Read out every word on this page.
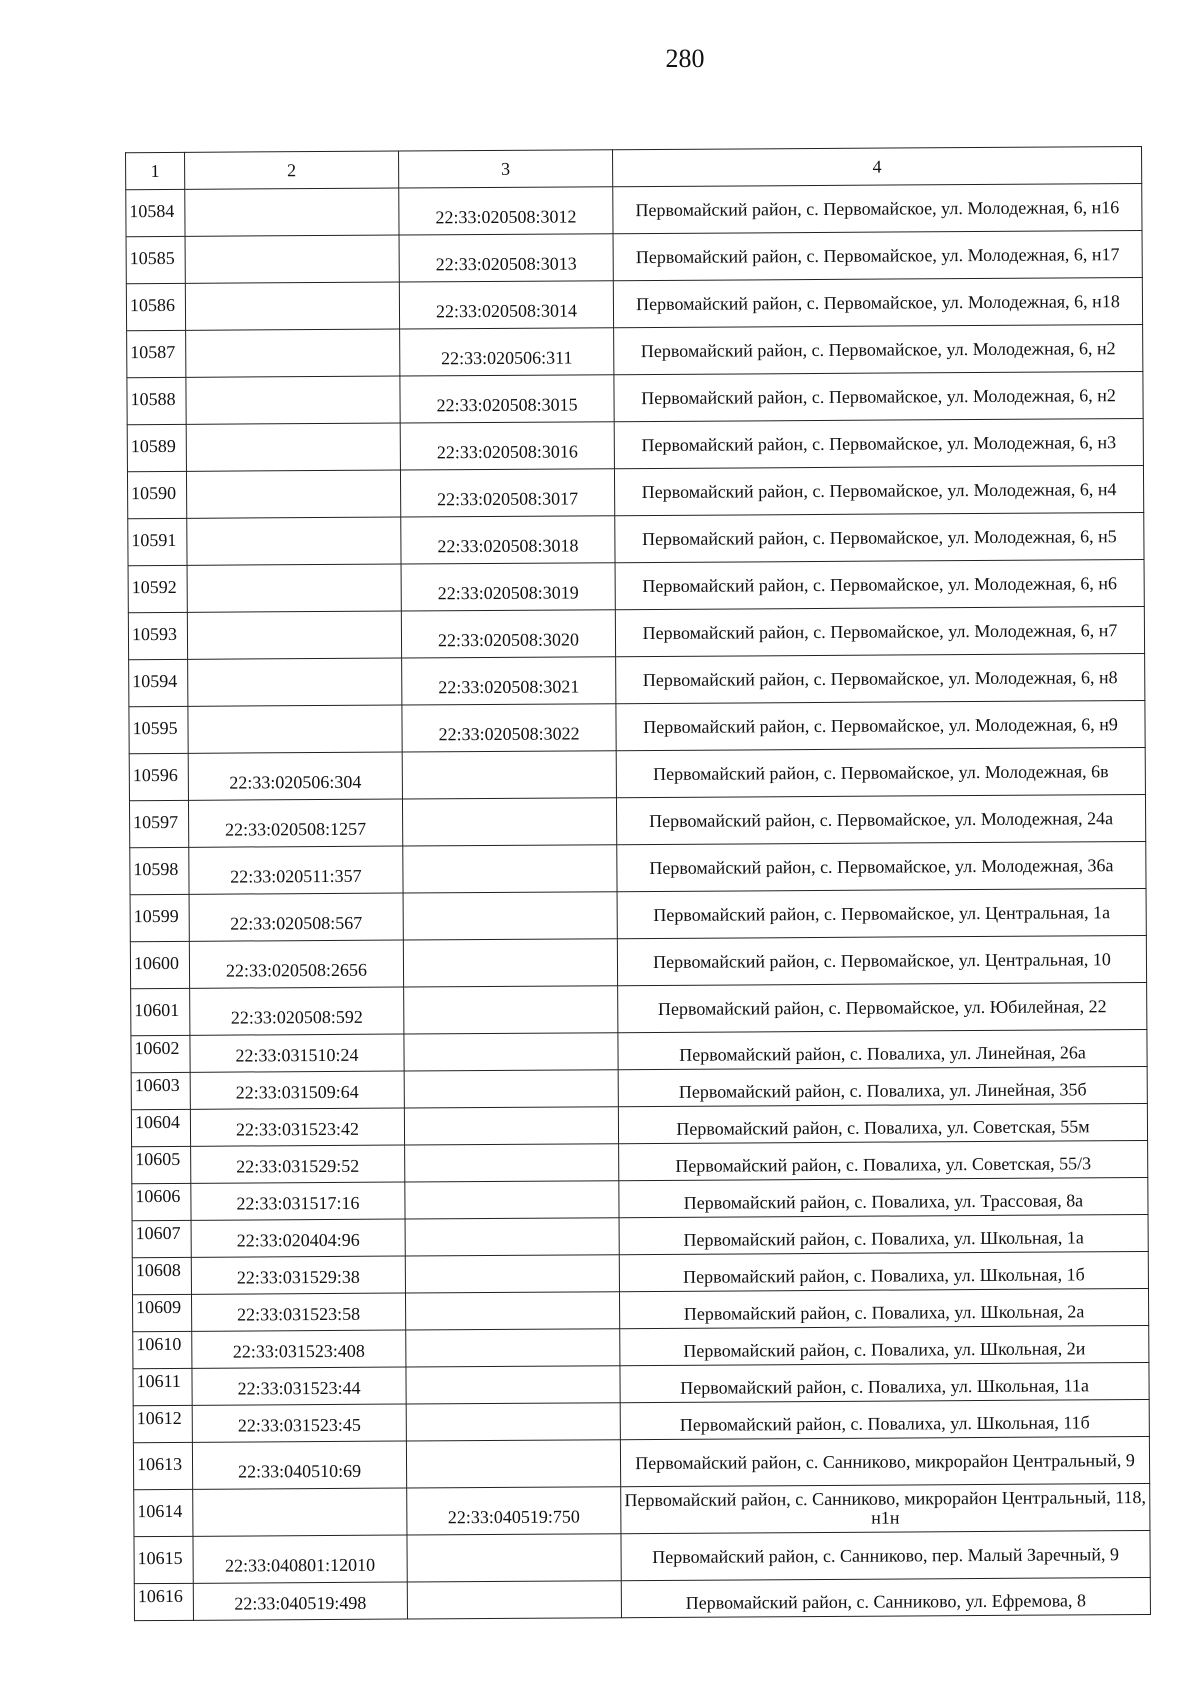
280
1	2	3	4
10584		22:33:020508:3012	Первомайский район, с. Первомайское, ул. Молодежная, 6, н16
10585		22:33:020508:3013	Первомайский район, с. Первомайское, ул. Молодежная, 6, н17
10586		22:33:020508:3014	Первомайский район, с. Первомайское, ул. Молодежная, 6, н18
10587		22:33:020506:311	Первомайский район, с. Первомайское, ул. Молодежная, 6, н2
10588		22:33:020508:3015	Первомайский район, с. Первомайское, ул. Молодежная, 6, н2
10589		22:33:020508:3016	Первомайский район, с. Первомайское, ул. Молодежная, 6, н3
10590		22:33:020508:3017	Первомайский район, с. Первомайское, ул. Молодежная, 6, н4
10591		22:33:020508:3018	Первомайский район, с. Первомайское, ул. Молодежная, 6, н5
10592		22:33:020508:3019	Первомайский район, с. Первомайское, ул. Молодежная, 6, н6
10593		22:33:020508:3020	Первомайский район, с. Первомайское, ул. Молодежная, 6, н7
10594		22:33:020508:3021	Первомайский район, с. Первомайское, ул. Молодежная, 6, н8
10595		22:33:020508:3022	Первомайский район, с. Первомайское, ул. Молодежная, 6, н9
10596	22:33:020506:304		Первомайский район, с. Первомайское, ул. Молодежная, 6в
10597	22:33:020508:1257		Первомайский район, с. Первомайское, ул. Молодежная, 24а
10598	22:33:020511:357		Первомайский район, с. Первомайское, ул. Молодежная, 36а
10599	22:33:020508:567		Первомайский район, с. Первомайское, ул. Центральная, 1а
10600	22:33:020508:2656		Первомайский район, с. Первомайское, ул. Центральная, 10
10601	22:33:020508:592		Первомайский район, с. Первомайское, ул. Юбилейная, 22
10602	22:33:031510:24		Первомайский район, с. Повалиха, ул. Линейная, 26а
10603	22:33:031509:64		Первомайский район, с. Повалиха, ул. Линейная, 35б
10604	22:33:031523:42		Первомайский район, с. Повалиха, ул. Советская, 55м
10605	22:33:031529:52		Первомайский район, с. Повалиха, ул. Советская, 55/3
10606	22:33:031517:16		Первомайский район, с. Повалиха, ул. Трассовая, 8а
10607	22:33:020404:96		Первомайский район, с. Повалиха, ул. Школьная, 1а
10608	22:33:031529:38		Первомайский район, с. Повалиха, ул. Школьная, 1б
10609	22:33:031523:58		Первомайский район, с. Повалиха, ул. Школьная, 2а
10610	22:33:031523:408		Первомайский район, с. Повалиха, ул. Школьная, 2и
10611	22:33:031523:44		Первомайский район, с. Повалиха, ул. Школьная, 11а
10612	22:33:031523:45		Первомайский район, с. Повалиха, ул. Школьная, 11б
10613	22:33:040510:69		Первомайский район, с. Санниково, микрорайон Центральный, 9
10614		22:33:040519:750	Первомайский район, с. Санниково, микрорайон Центральный, 118, н1н
10615	22:33:040801:12010		Первомайский район, с. Санниково, пер. Малый Заречный, 9
10616	22:33:040519:498		Первомайский район, с. Санниково, ул. Ефремова, 8
